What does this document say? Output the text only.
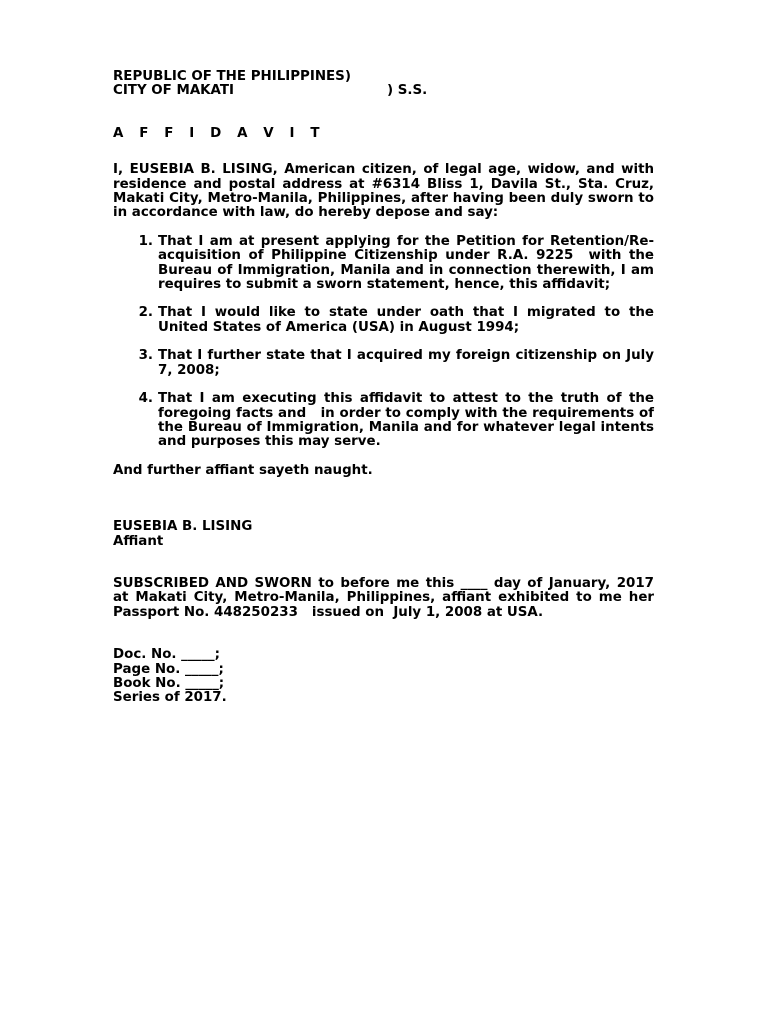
REPUBLIC OF THE PHILIPPINES)
CITY OF MAKATI	) S.S.
A F F I D A V I T
I, EUSEBIA B. LISING, American citizen, of legal age, widow, and with residence and postal address at #6314 Bliss 1, Davila St., Sta. Cruz, Makati City, Metro-Manila, Philippines, after having been duly sworn to in accordance with law, do hereby depose and say:
1. That I am at present applying for the Petition for Retention/Re-acquisition of Philippine Citizenship under R.A. 9225  with the Bureau of Immigration, Manila and in connection therewith, I am requires to submit a sworn statement, hence, this affidavit;
2. That I would like to state under oath that I migrated to the United States of America (USA) in August 1994;
3. That I further state that I acquired my foreign citizenship on July 7, 2008;
4. That I am executing this affidavit to attest to the truth of the foregoing facts and   in order to comply with the requirements of the Bureau of Immigration, Manila and for whatever legal intents and purposes this may serve.
And further affiant sayeth naught.
EUSEBIA B. LISING
Affiant
SUBSCRIBED AND SWORN to before me this ____ day of January, 2017 at Makati City, Metro-Manila, Philippines, affiant exhibited to me her  Passport No. 448250233   issued on  July 1, 2008 at USA.
Doc. No. _____;
Page No. _____;
Book No. _____;
Series of 2017.
